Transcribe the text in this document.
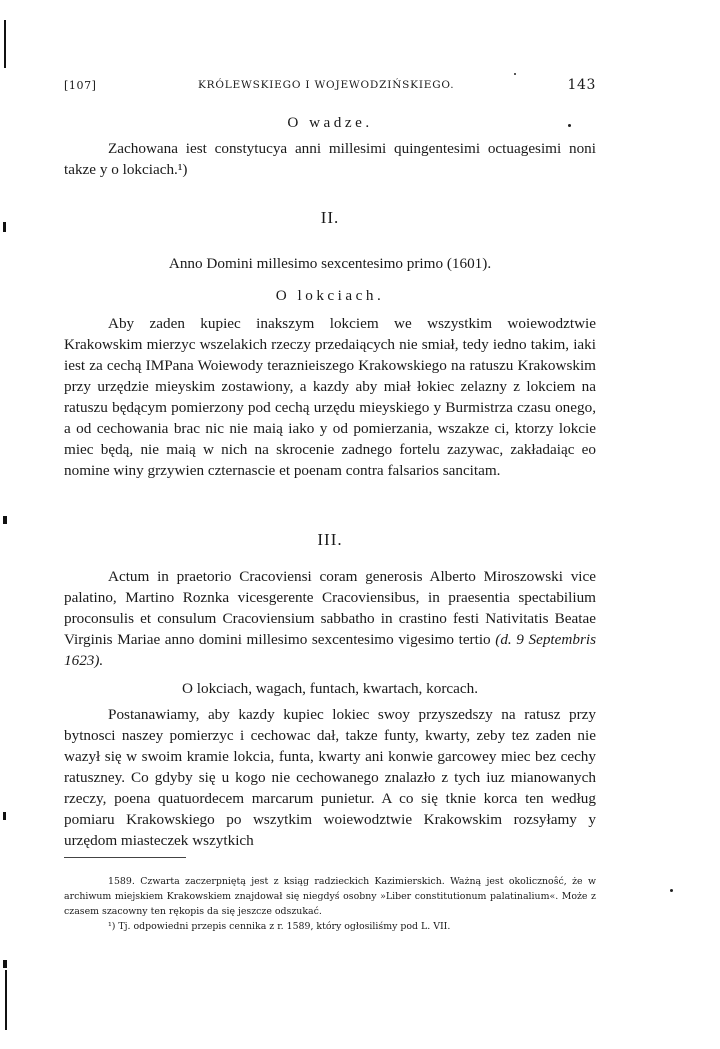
[107]	KRÓLEWSKIEGO I WOJEWODZIŃSKIEGO.	143
O wadze.
Zachowana iest constytucya anni millesimi quingentesimi octuagesimi noni takze y o lokciach.¹)
II.
Anno Domini millesimo sexcentesimo primo (1601).
O lokciach.
Aby zaden kupiec inakszym lokciem we wszystkim woiewodztwie Krakowskim mierzyc wszelakich rzeczy przedaiących nie smiał, tedy iedno takim, iaki iest za cechą IMPana Woiewody teraznieiszego Krakowskiego na ratuszu Krakowskim przy urzędzie mieyskim zostawiony, a kazdy aby miał łokiec zelazny z lokciem na ratuszu będącym pomierzony pod cechą urzędu mieyskiego y Burmistrza czasu onego, a od cechowania brac nic nie maią iako y od pomierzania, wszakze ci, ktorzy lokcie miec będą, nie maią w nich na skrocenie zadnego fortelu zazywac, zakładaiąc eo nomine winy grzywien czternascie et poenam contra falsarios sancitam.
III.
Actum in praetorio Cracoviensi coram generosis Alberto Miroszowski vice palatino, Martino Roznka vicesgerente Cracoviensibus, in praesentia spectabilium proconsulis et consulum Cracoviensium sabbatho in crastino festi Nativitatis Beatae Virginis Mariae anno domini millesimo sexcentesimo vigesimo tertio (d. 9 Septembris 1623).
O lokciach, wagach, funtach, kwartach, korcach.
Postanawiamy, aby kazdy kupiec lokiec swoy przyszedszy na ratusz przy bytnosci naszey pomierzyc i cechowac dał, takze funty, kwarty, zeby tez zaden nie wazył się w swoim kramie lokcia, funta, kwarty ani konwie garcowey miec bez cechy ratuszney. Co gdyby się u kogo nie cechowanego znalazło z tych iuz mianowanych rzeczy, poena quatuordecem marcarum punietur. A co się tknie korca ten według pomiaru Krakowskiego po wszytkim woiewodztwie Krakowskim rozsyłamy y urzędom miasteczek wszytkich
1589. Czwarta zaczerpniętą jest z ksiąg radzieckich Kazimierskich. Ważną jest okolicznoŝć, że w archiwum miejskiem Krakowskiem znajdował się niegdyś osobny »Liber constitutionum palatinalium«. Może z czasem szacowny ten rękopis da się jeszcze odszukać.
¹) Tj. odpowiedni przepis cennika z r. 1589, który ogłosiliśmy pod L. VII.
